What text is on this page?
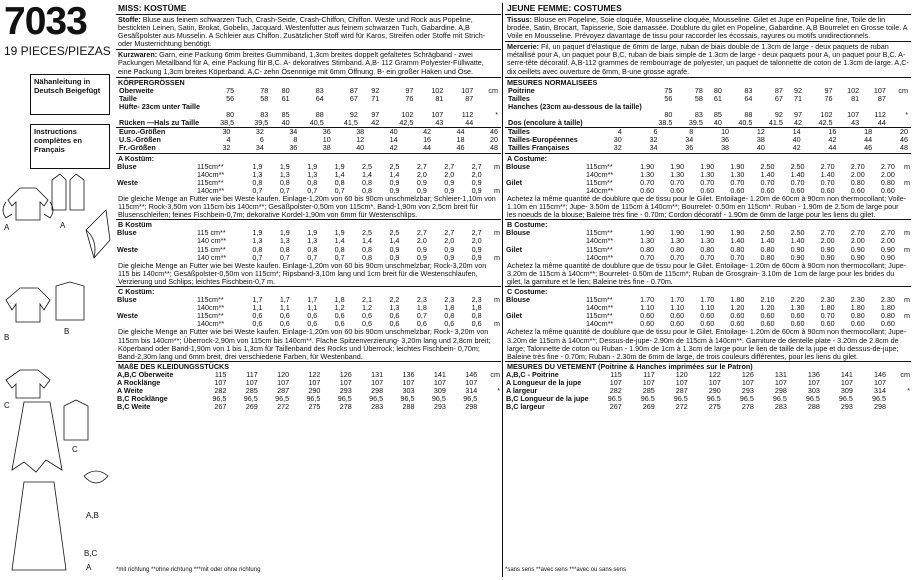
7033
19 PIECES/PIEZAS
Nähanleitung in Deutsch Beigefügt
Instructions complètes en Français
A	A
B
B
C
C
A,B
B,C
A
MISS: KOSTÜME
Stoffe: Bluse aus feinem schwarzen Tuch, Crash-Seide, Crash-Chiffon, Chiffon. Weste und Rock aus Popeline, bestickten Leinen, Satin, Brokat, Gobelin, Jacquard. Westenfutter aus feinem schwarzen Tuch, Gabardine. A,B Gesäßpolster aus Musselin. A Schleier aus Chiffon. Zusätzlicher Stoff wird für Karos, Streifen oder Stoffe mit Strich- oder Musterrichtung benötigt.
Kurzwaren: Garn, eine Packung 6mm breites Gummiband, 1,3cm breites doppelt gefaltetes Schrägband - zwei Packungen Metallband für A, eine Packung für B,C. A- dekoratives Stimband. A,B- 112 Gramm Polyester-Füllwatte, eine Packung 1,3cm breites Köperband. A,C- zehn Ösennnige mit 6mm Öffnung. B- ein großer Haken und Öse.
KÖRPERGRÖSSEN
Oberweite	75	78	80	83	87	92	97	102	107	cm
Taille	56	58	61	64	67	71	76	81	87	
Hüfte- 23cm unter Taille										
	80	83	85	88	92	97	102	107	112	*
Rücken —Hals zu Taille	38,5	39,5	40	40,5	41,5	42	42,5	43	44	
Euro.-Größen	30	32	34	36	38	40	42	44	46
U.S.-Größen	4	6	8	10	12	14	16	18	20
Fr.-Größen	32	34	36	38	40	42	44	46	48
A Kostüm:
Bluse	115cm**	1,9	1,9	1,9	1,9	2,5	2,5	2,7	2,7	2,7	m
	140cm**	1,3	1,3	1,3	1,4	1,4	1,4	2,0	2,0	2,0	
Weste	115cm**	0,8	0,8	0,8	0,8	0,8	0,9	0,9	0,9	0,9	
	140cm**	0,7	0,7	0,7	0,7	0,8	0,9	0,9	0,9	0,9	m
Die gleiche Menge an Futter wie bei Weste kaufen. Einlage-1,20m von 60 bis 90cm unschmelzbar; Schleier-1,10m von 115cm**; Rock-3,50m von 115cm bis 140cm**; Gesäßpolster-0,50m von 115cm*. Band-1,90m von 2,5cm breit für Blusenschleifen; feines Fischbein-0,7m; dekorative Kordel-1,90m von 6mm für Westenschlips.
B Kostüm
Bluse	115 cm**	1,9	1,9	1,9	1,9	2,5	2,5	2,7	2,7	2,7	m
	140 cm**	1,3	1,3	1,3	1,4	1,4	1,4	2,0	2,0	2,0	
Weste	115 cm**	0,8	0,8	0,8	0,8	0,8	0,9	0,9	0,9	0,9	
	140 cm**	0,7	0,7	0,7	0,7	0,8	0,9	0,9	0,9	0,9	m
Die gleiche Menge an Futter wie bei Weste kaufen. Einlage-1,20m von 60 bis 90cm unschmelzbar; Rock-3,20m von 115 bis 140cm**; Gesäßpolster-0,50m von 115cm*; Ripsband-3,10m lang und 1cm breit für die Westenschlaufen, Verzierung und Schlips; leichtes Fischbein-0,7 m.
C Kostüm:
Bluse	115cm**	1,7	1,7	1,7	1,8	2,1	2,2	2,3	2,3	2,3	m
	140cm**	1,1	1,1	1,1	1,2	1,2	1,3	1,8	1,8	1,8	
Weste	115cm**	0,6	0,6	0,6	0,6	0,6	0,6	0,7	0,8	0,8	
	140cm**	0,6	0,6	0,6	0,6	0,6	0,6	0,6	0,6	0,6	m
Die gleiche Menge an Futter wie bei Weste kaufen. Einlage-1,20m von 60 bis 90cm unschmelzbar; Rock- 3,20m von 115cm bis 140cm**; Überrock-2,90m von 115cm bis 140cm**. Flache Spitzenverzierung- 3,20m lang und 2,8cm breit; Köperband oder Band-1,90m von 1 bis 1,3cm für Taillenband des Rocks und Überrock; leichtes Fischbein- 0,70m; Band-2,30m lang und 6mm breit, drei verschiedene Farben, für Westenband.
MAßE DES KLEIDUNGSSTÜCKS
A,B,C Oberweite	115	117	120	122	126	131	136	141	146	cm
A Rocklänge	107	107	107	107	107	107	107	107	107	
A Weite	282	285	287	290	293	298	303	309	314	*
B,C Rocklänge	96,5	96,5	96,5	96,5	96,5	96,5	96,5	96,5	96,5	
B,C Weite	267	269	272	275	278	283	288	293	298	
*mit richtung **ohne richtung ***mit oder ohne richtung
JEUNE FEMME: COSTUMES
Tissus: Blouse en Popeline, Soie cloquée, Mousseline cloquée, Mousseline. Gilet et Jupe en Popeline fine, Toile de lin brodée, Satin, Brocart, Tapisserie, Soie damassée. Doublure du gilet en Popeline, Gabardine. A,B Bourrelet en Grosse toile. A Voile en Mousseline. Prévoyez davantage de tissu pour raccorder les écossais, rayures ou motifs unidirectionnels.
Mercerie: Fil, un paquet d'élastique de 6mm de large, ruban de biais double de 1.3cm de large - deux paquets de ruban métallisé pour A, un paquet pour B,C, ruban de biais simple de 1.3cm de large - deux paquets pour A, un paquet pour B,C. A- serre-tête décoratif. A,B-112 grammes de rembourrage de polyester, un paquet de talonnette de coton de 1.3cm de large. A,C-dix oeillets avec ouverture de 6mm, B-une grosse agrafe.
MESURES NORMALISEES
Poitrine	75	78	80	83	87	92	97	102	107	cm
Tailles	56	58	61	64	67	71	76	81	87	
Hanches (23cm au-dessous de la taille)										
	80	83	85	88	92	97	102	107	112	*
Dos (encolure à taille)	38.5	39.5	40	40.5	41.5	42	42.5	43	44	
Tailles	4	6	8	10	12	14	16	18	20
Tailles-Européennes	30	32	34	36	38	40	42	44	46
Tailles Françaises	32	34	36	38	40	42	44	46	48
A Costume:
Blouse	115cm**	1.90	1.90	1.90	1.90	2.50	2.50	2.70	2.70	2.70	m
	140cm**	1.30	1.30	1.30	1.30	1.40	1.40	1.40	2.00	2.00	
Gilet	115cm**	0.70	0.70	0.70	0.70	0.70	0.70	0.70	0.80	0.80	m
	140cm**	0.60	0.60	0.60	0.60	0.60	0.60	0.60	0.60	0.60	
Achetez la même quantité de doublure que de tissu pour le Gilet. Entoilage- 1.20m de 60cm à 90cm non thermocollant; Voile- 1.10m en 115cm**; Jupe- 3.50m de 115cm à 140cm**; Bourrelet- 0.50m en 115cm*. Ruban - 1.90m de 2.5cm de large pour les noeuds de la blouse; Baleine très fine - 0.70m; Cordon décoratif - 1.90m de 6mm de large pour les liens du gilet.
B Costume:
Blouse	115cm**	1.90	1.90	1.90	1.90	2.50	2.50	2.70	2.70	2.70	m
	140cm**	1.30	1.30	1.30	1.40	1.40	1.40	2.00	2.00	2.00	
Gilet	115cm**	0.80	0.80	0.80	0.80	0.80	0.90	0.90	0.90	0.90	m
	140cm**	0.70	0.70	0.70	0.70	0.80	0.90	0.90	0.90	0.90	
Achetez la même quantité de doublure que de tissu pour le Gilet. Entoilage- 1.20m de 60cm à 90cm non thermocollant; Jupe- 3.20m de 115cm à 140cm**; Bourrelet- 0.50m de 115cm*; Ruban de Grosgrain- 3.10m de 1cm de large pour les brides du gilet, la garniture et le lien; Baleine très fine - 0.70m.
C Costume:
Blouse	115cm**	1.70	1.70	1.70	1.80	2.10	2.20	2.30	2.30	2.30	m
	140cm**	1.10	1.10	1.10	1.20	1.20	1.30	1.80	1.80	1.80	
Gilet	115cm**	0.60	0.60	0.60	0.60	0.60	0.60	0.70	0.80	0.80	m
	140cm**	0.60	0.60	0.60	0.60	0.60	0.60	0.60	0.60	0.60	
Achetez la même quantité de doublure que de tissu pour le Gilet. Entoilage- 1.20m de 60cm à 90cm non thermocollant; Jupe- 3.20m de 115cm à 140cm**; Dessus-de-jupe- 2.90m de 115cm à 140cm**. Garniture de dentelle plate - 3.20m de 2.8cm de large; Talonnette de coton ou Ruban - 1.90m de 1cm à 1.3cm de large pour le lien de taille de la jupe et du dessus-de-jupe; Baleine très fine - 0.70m; Ruban - 2.30m de 6mm de large, de trois couleurs différentes, pour les liens du gilet.
MESURES DU VETEMENT (Poitrine & Hanches imprimées sur le Patron)
A,B,C - Poitrine	115	117	120	122	126	131	136	141	146	cm
A Longueur de la jupe	107	107	107	107	107	107	107	107	107	
A largeur	282	285	287	290	293	298	303	309	314	*
B,C Longueur de la jupe	96.5	96.5	96.5	96.5	96.5	96.5	96.5	96.5	96.5	
B,C largeur	267	269	272	275	278	283	288	293	298	
*sans sens **avec sens ***avec ou sans sens
